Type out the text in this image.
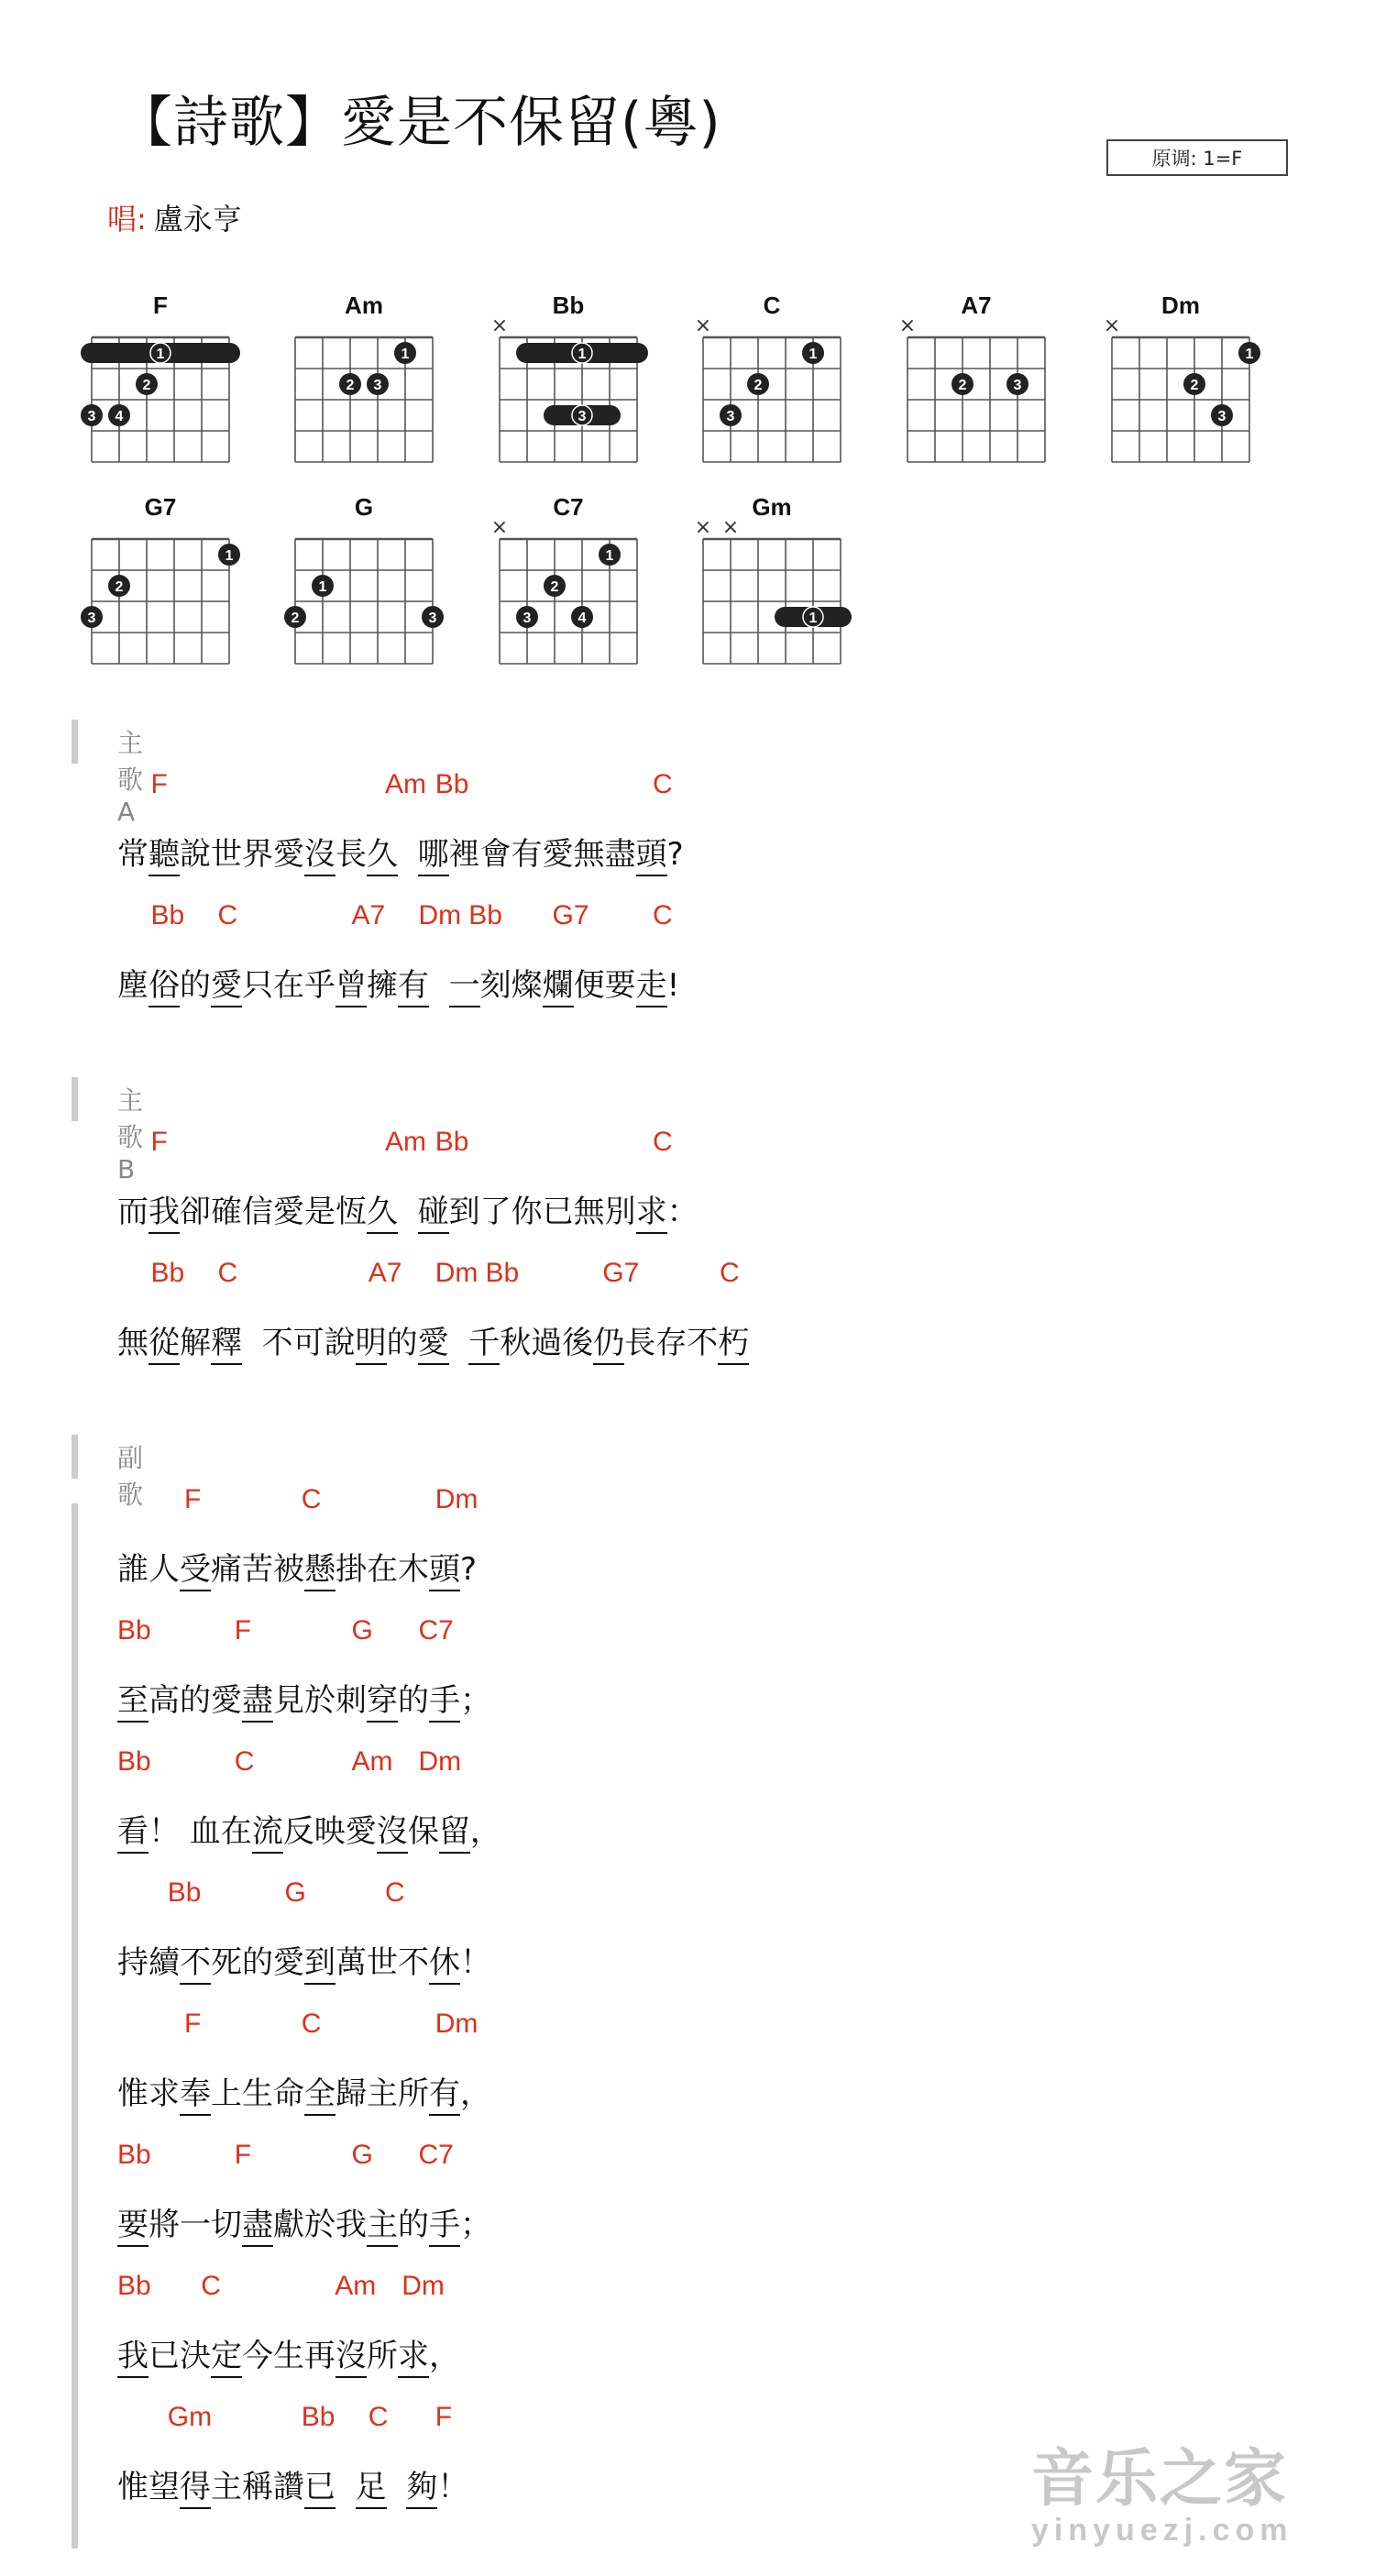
【詩歌】愛是不保留(粵)
原调: 1=F
唱: 盧永亨
F
1
2
3 4
Am
1
2 3
Bb
×
1
3
C
×
1
2
3
A7
×
2	3
Dm
×
1
2
3
G7
1
2
3
G
1
2	3
C7
×
1
2
3	4
Gm
× ×
1
主歌 A
F	Am Bb	C
常聽說世界愛沒長久 哪裡會有愛無盡頭?
Bb C	A7 Dm Bb G7 C
塵俗的愛只在乎曾擁有 一刻燦爛便要走!
主歌 B
F	Am Bb	C
而我卻確信愛是恆久 碰到了你已無別求：
Bb C	A7 Dm Bb	G7	C
無從解釋  不可說明的愛 千秋過後仍長存不朽
副歌 F	C	Dm
誰人受痛苦被懸掛在木頭?
Bb	F	G C7
至高的愛盡見於刺穿的手；
Bb	C	Am Dm
看！ 血在流反映愛沒保留，
Bb	G	C
持續不死的愛到萬世不休！
F	C	Dm
惟求奉上生命全歸主所有，
Bb	F	G C7
要將一切盡獻於我主的手；
Bb C	Am Dm
我已決定今生再沒所求，
Gm	Bb C F
惟望得主稱讚已 足 夠！	音乐之家
yinyuezj.com
